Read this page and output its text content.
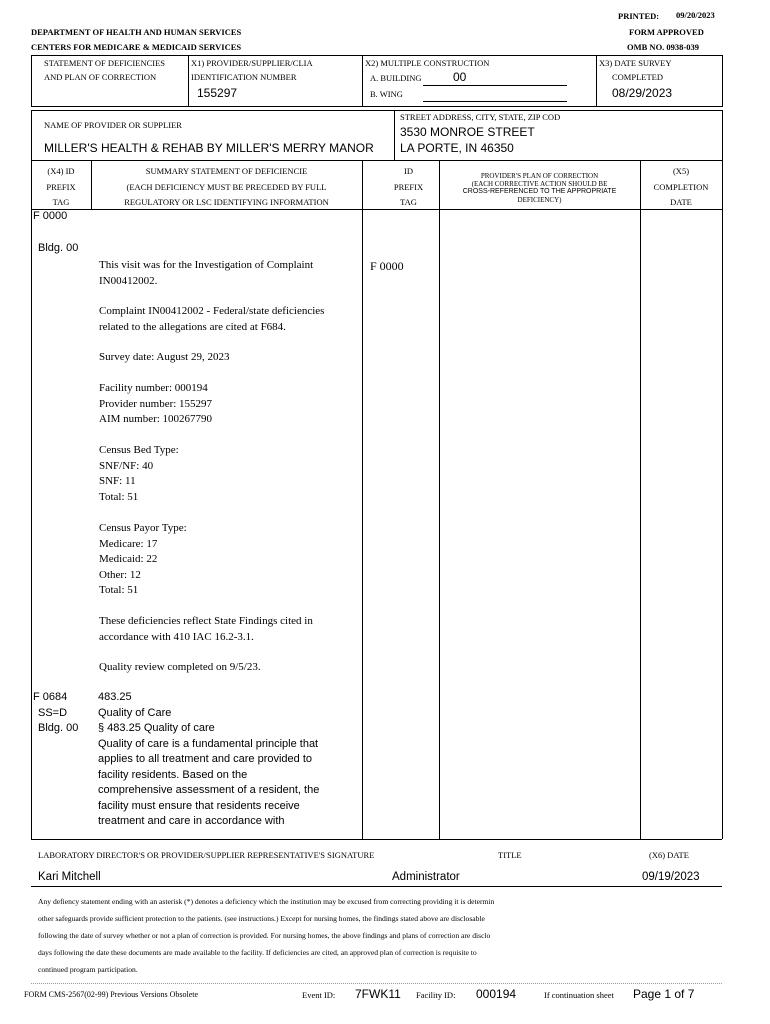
PRINTED: 09/20/2023
DEPARTMENT OF HEALTH AND HUMAN SERVICES	FORM APPROVED
CENTERS FOR MEDICARE & MEDICAID SERVICES	OMB NO. 0938-039
STATEMENT OF DEFICIENCIES
AND PLAN OF CORRECTION
X1) PROVIDER/SUPPLIER/CLIA
IDENTIFICATION NUMBER
155297
X2) MULTIPLE CONSTRUCTION
A. BUILDING	00
B. WING
X3) DATE SURVEY
COMPLETED
08/29/2023
NAME OF PROVIDER OR SUPPLIER
MILLER'S HEALTH & REHAB BY MILLER'S MERRY MANOR
STREET ADDRESS, CITY, STATE, ZIP COD
3530 MONROE STREET
LA PORTE, IN 46350
(X4) ID
PREFIX
TAG
SUMMARY STATEMENT OF DEFICIENCIE
(EACH DEFICIENCY MUST BE PRECEDED BY FULL
REGULATORY OR LSC IDENTIFYING INFORMATION
ID
PREFIX
TAG
PROVIDER'S PLAN OF CORRECTION
(EACH CORRECTIVE ACTION SHOULD BE
CROSS-REFERENCED TO THE APPROPRIATE
DEFICIENCY)
(X5)
COMPLETION
DATE
F 0000
Bldg. 00
F 0000
This visit was for the Investigation of Complaint
IN00412002.
Complaint IN00412002 - Federal/state deficiencies
related to the allegations are cited at F684.
Survey date: August 29, 2023
Facility number: 000194
Provider number: 155297
AIM number: 100267790
Census Bed Type:
SNF/NF: 40
SNF: 11
Total: 51
Census Payor Type:
Medicare: 17
Medicaid: 22
Other: 12
Total: 51
These deficiencies reflect State Findings cited in
accordance with 410 IAC 16.2-3.1.
Quality review completed on 9/5/23.
F 0684
SS=D
Bldg. 00
483.25
Quality of Care
§ 483.25 Quality of care
Quality of care is a fundamental principle that
applies to all treatment and care provided to
facility residents. Based on the
comprehensive assessment of a resident, the
facility must ensure that residents receive
treatment and care in accordance with
LABORATORY DIRECTOR'S OR PROVIDER/SUPPLIER REPRESENTATIVE'S SIGNATURE	TITLE	(X6) DATE
Kari Mitchell	Administrator	09/19/2023
Any defiency statement ending with an asterisk (*) denotes a deficiency which the institution may be excused from correcting providing it is determin
other safeguards provide sufficient protection to the patients. (see instructions.) Except for nursing homes, the findings stated above are disclosable
following the date of survey whether or not a plan of correction is provided. For nursing homes, the above findings and plans of correction are disclo
days following the date these documents are made available to the facility. If deficiencies are cited, an approved plan of correction is requisite to
continued program participation.
FORM CMS-2567(02-99) Previous Versions Obsolete	Event ID: 7FWK11 Facility ID: 000194	If continuation sheet Page 1 of 7
